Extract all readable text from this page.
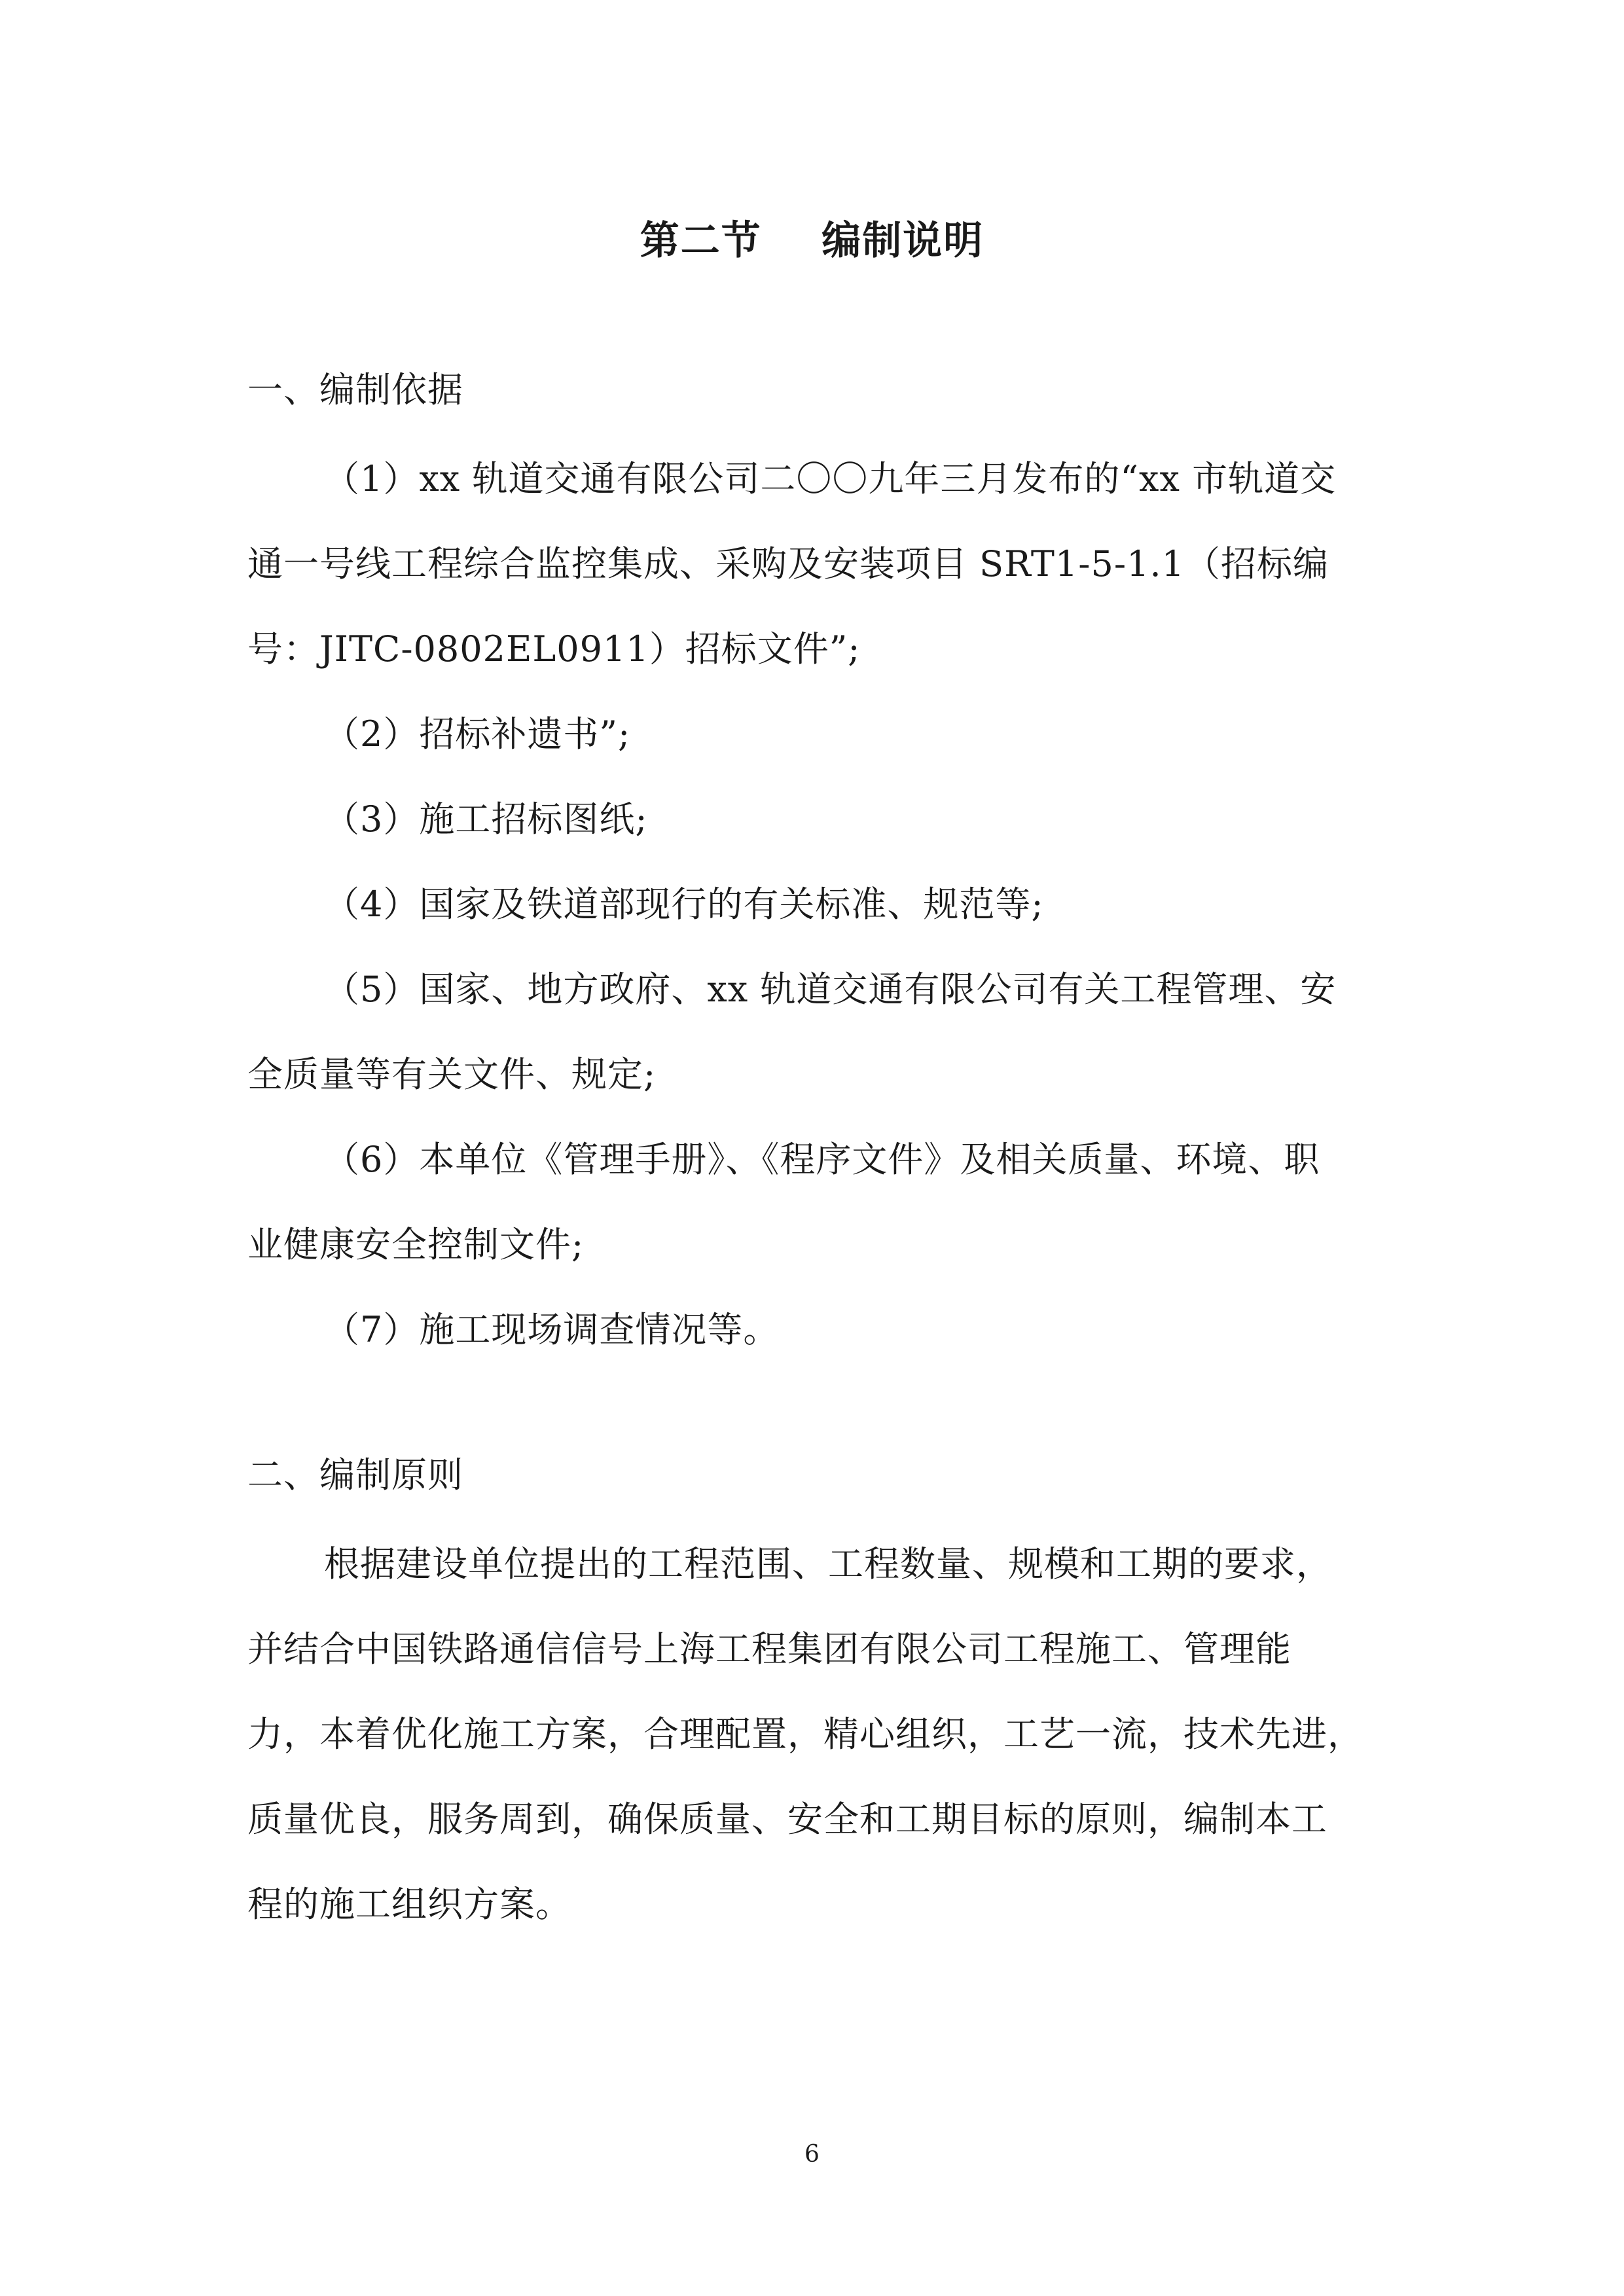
第二节    编制说明
一、编制依据
（1）xx 轨道交通有限公司二〇〇九年三月发布的“xx 市轨道交
通一号线工程综合监控集成、采购及安装项目 SRT1-5-1.1（招标编
号：JITC-0802EL0911）招标文件”;
（2）招标补遗书”;
（3）施工招标图纸;
（4）国家及铁道部现行的有关标准、规范等;
（5）国家、地方政府、xx 轨道交通有限公司有关工程管理、安
全质量等有关文件、规定;
（6）本单位《管理手册》、《程序文件》及相关质量、环境、职
业健康安全控制文件;
（7）施工现场调查情况等。
二、编制原则
根据建设单位提出的工程范围、工程数量、规模和工期的要求，
并结合中国铁路通信信号上海工程集团有限公司工程施工、管理能
力，本着优化施工方案，合理配置，精心组织，工艺一流，技术先进，
质量优良，服务周到，确保质量、安全和工期目标的原则，编制本工
程的施工组织方案。
6
